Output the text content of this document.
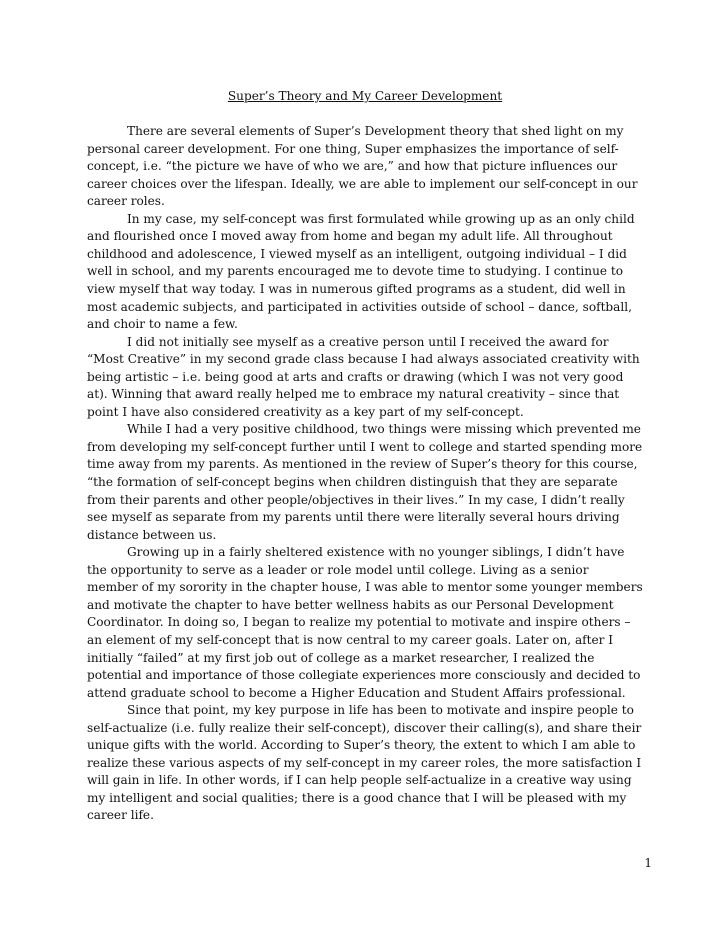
Super’s Theory and My Career Development

There are several elements of Super’s Development theory that shed light on my personal career development. For one thing, Super emphasizes the importance of self-concept, i.e. “the picture we have of who we are,” and how that picture influences our career choices over the lifespan. Ideally, we are able to implement our self-concept in our career roles.

In my case, my self-concept was first formulated while growing up as an only child and flourished once I moved away from home and began my adult life. All throughout childhood and adolescence, I viewed myself as an intelligent, outgoing individual – I did well in school, and my parents encouraged me to devote time to studying. I continue to view myself that way today. I was in numerous gifted programs as a student, did well in most academic subjects, and participated in activities outside of school – dance, softball, and choir to name a few.

I did not initially see myself as a creative person until I received the award for “Most Creative” in my second grade class because I had always associated creativity with being artistic – i.e. being good at arts and crafts or drawing (which I was not very good at). Winning that award really helped me to embrace my natural creativity – since that point I have also considered creativity as a key part of my self-concept.

While I had a very positive childhood, two things were missing which prevented me from developing my self-concept further until I went to college and started spending more time away from my parents. As mentioned in the review of Super’s theory for this course, “the formation of self-concept begins when children distinguish that they are separate from their parents and other people/objectives in their lives.” In my case, I didn’t really see myself as separate from my parents until there were literally several hours driving distance between us.

Growing up in a fairly sheltered existence with no younger siblings, I didn’t have the opportunity to serve as a leader or role model until college. Living as a senior member of my sorority in the chapter house, I was able to mentor some younger members and motivate the chapter to have better wellness habits as our Personal Development Coordinator. In doing so, I began to realize my potential to motivate and inspire others – an element of my self-concept that is now central to my career goals. Later on, after I initially “failed” at my first job out of college as a market researcher, I realized the potential and importance of those collegiate experiences more consciously and decided to attend graduate school to become a Higher Education and Student Affairs professional.

Since that point, my key purpose in life has been to motivate and inspire people to self-actualize (i.e. fully realize their self-concept), discover their calling(s), and share their unique gifts with the world. According to Super’s theory, the extent to which I am able to realize these various aspects of my self-concept in my career roles, the more satisfaction I will gain in life. In other words, if I can help people self-actualize in a creative way using my intelligent and social qualities; there is a good chance that I will be pleased with my career life.

1
